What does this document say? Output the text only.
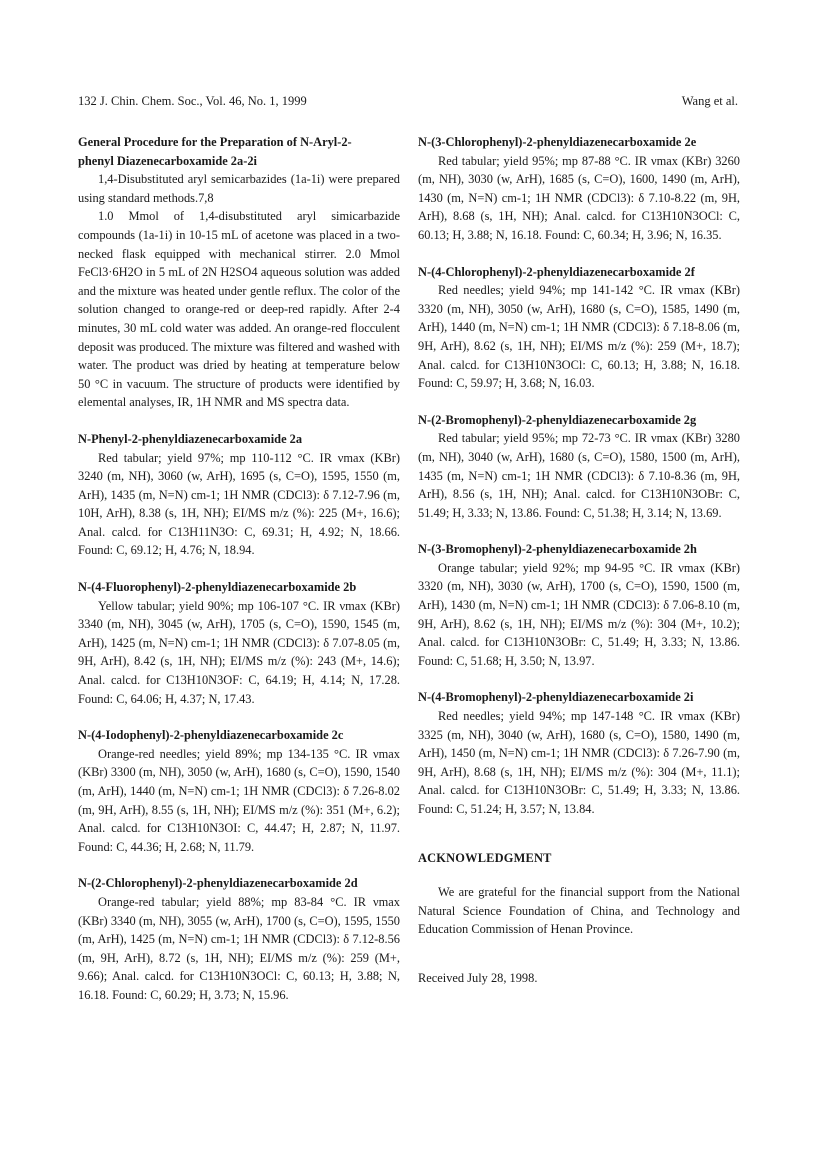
132 J. Chin. Chem. Soc., Vol. 46, No. 1, 1999	Wang et al.

General Procedure for the Preparation of N-Aryl-2-

phenyl Diazenecarboxamide 2a-2i

1,4-Disubstituted aryl semicarbazides (1a-1i) were prepared using standard methods.7,8

1.0 Mmol of 1,4-disubstituted aryl simicarbazide compounds (1a-1i) in 10-15 mL of acetone was placed in a two-necked flask equipped with mechanical stirrer. 2.0 Mmol FeCl3·6H2O in 5 mL of 2N H2SO4 aqueous solution was added and the mixture was heated under gentle reflux. The color of the solution changed to orange-red or deep-red rapidly. After 2-4 minutes, 30 mL cold water was added. An orange-red flocculent deposit was produced. The mixture was filtered and washed with water. The product was dried by heating at temperature below 50 °C in vacuum. The structure of products were identified by elemental analyses, IR, 1H NMR and MS spectra data.

N-Phenyl-2-phenyldiazenecarboxamide 2a

Red tabular; yield 97%; mp 110-112 °C. IR νmax (KBr) 3240 (m, NH), 3060 (w, ArH), 1695 (s, C=O), 1595, 1550 (m, ArH), 1435 (m, N=N) cm-1; 1H NMR (CDCl3): δ 7.12-7.96 (m, 10H, ArH), 8.38 (s, 1H, NH); EI/MS m/z (%): 225 (M+, 16.6); Anal. calcd. for C13H11N3O: C, 69.31; H, 4.92; N, 18.66. Found: C, 69.12; H, 4.76; N, 18.94.

N-(4-Fluorophenyl)-2-phenyldiazenecarboxamide 2b

Yellow tabular; yield 90%; mp 106-107 °C. IR νmax (KBr) 3340 (m, NH), 3045 (w, ArH), 1705 (s, C=O), 1590, 1545 (m, ArH), 1425 (m, N=N) cm-1; 1H NMR (CDCl3): δ 7.07-8.05 (m, 9H, ArH), 8.42 (s, 1H, NH); EI/MS m/z (%): 243 (M+, 14.6); Anal. calcd. for C13H10N3OF: C, 64.19; H, 4.14; N, 17.28. Found: C, 64.06; H, 4.37; N, 17.43.

N-(4-Iodophenyl)-2-phenyldiazenecarboxamide 2c

Orange-red needles; yield 89%; mp 134-135 °C. IR νmax (KBr) 3300 (m, NH), 3050 (w, ArH), 1680 (s, C=O), 1590, 1540 (m, ArH), 1440 (m, N=N) cm-1; 1H NMR (CDCl3): δ 7.26-8.02 (m, 9H, ArH), 8.55 (s, 1H, NH); EI/MS m/z (%): 351 (M+, 6.2); Anal. calcd. for C13H10N3OI: C, 44.47; H, 2.87; N, 11.97. Found: C, 44.36; H, 2.68; N, 11.79.

N-(2-Chlorophenyl)-2-phenyldiazenecarboxamide 2d

Orange-red tabular; yield 88%; mp 83-84 °C. IR νmax (KBr) 3340 (m, NH), 3055 (w, ArH), 1700 (s, C=O), 1595, 1550 (m, ArH), 1425 (m, N=N) cm-1; 1H NMR (CDCl3): δ 7.12-8.56 (m, 9H, ArH), 8.72 (s, 1H, NH); EI/MS m/z (%): 259 (M+, 9.66); Anal. calcd. for C13H10N3OCl: C, 60.13; H, 3.88; N, 16.18. Found: C, 60.29; H, 3.73; N, 15.96.

N-(3-Chlorophenyl)-2-phenyldiazenecarboxamide 2e

Red tabular; yield 95%; mp 87-88 °C. IR νmax (KBr) 3260 (m, NH), 3030 (w, ArH), 1685 (s, C=O), 1600, 1490 (m, ArH), 1430 (m, N=N) cm-1; 1H NMR (CDCl3): δ 7.10-8.22 (m, 9H, ArH), 8.68 (s, 1H, NH); Anal. calcd. for C13H10N3OCl: C, 60.13; H, 3.88; N, 16.18. Found: C, 60.34; H, 3.96; N, 16.35.

N-(4-Chlorophenyl)-2-phenyldiazenecarboxamide 2f

Red needles; yield 94%; mp 141-142 °C. IR νmax (KBr) 3320 (m, NH), 3050 (w, ArH), 1680 (s, C=O), 1585, 1490 (m, ArH), 1440 (m, N=N) cm-1; 1H NMR (CDCl3): δ 7.18-8.06 (m, 9H, ArH), 8.62 (s, 1H, NH); EI/MS m/z (%): 259 (M+, 18.7); Anal. calcd. for C13H10N3OCl: C, 60.13; H, 3.88; N, 16.18. Found: C, 59.97; H, 3.68; N, 16.03.

N-(2-Bromophenyl)-2-phenyldiazenecarboxamide 2g

Red tabular; yield 95%; mp 72-73 °C. IR νmax (KBr) 3280 (m, NH), 3040 (w, ArH), 1680 (s, C=O), 1580, 1500 (m, ArH), 1435 (m, N=N) cm-1; 1H NMR (CDCl3): δ 7.10-8.36 (m, 9H, ArH), 8.56 (s, 1H, NH); Anal. calcd. for C13H10N3OBr: C, 51.49; H, 3.33; N, 13.86. Found: C, 51.38; H, 3.14; N, 13.69.

N-(3-Bromophenyl)-2-phenyldiazenecarboxamide 2h

Orange tabular; yield 92%; mp 94-95 °C. IR νmax (KBr) 3320 (m, NH), 3030 (w, ArH), 1700 (s, C=O), 1590, 1500 (m, ArH), 1430 (m, N=N) cm-1; 1H NMR (CDCl3): δ 7.06-8.10 (m, 9H, ArH), 8.62 (s, 1H, NH); EI/MS m/z (%): 304 (M+, 10.2); Anal. calcd. for C13H10N3OBr: C, 51.49; H, 3.33; N, 13.86. Found: C, 51.68; H, 3.50; N, 13.97.

N-(4-Bromophenyl)-2-phenyldiazenecarboxamide 2i

Red needles; yield 94%; mp 147-148 °C. IR νmax (KBr) 3325 (m, NH), 3040 (w, ArH), 1680 (s, C=O), 1580, 1490 (m, ArH), 1450 (m, N=N) cm-1; 1H NMR (CDCl3): δ 7.26-7.90 (m, 9H, ArH), 8.68 (s, 1H, NH); EI/MS m/z (%): 304 (M+, 11.1); Anal. calcd. for C13H10N3OBr: C, 51.49; H, 3.33; N, 13.86. Found: C, 51.24; H, 3.57; N, 13.84.

ACKNOWLEDGMENT

We are grateful for the financial support from the National Natural Science Foundation of China, and Technology and Education Commission of Henan Province.

Received July 28, 1998.
